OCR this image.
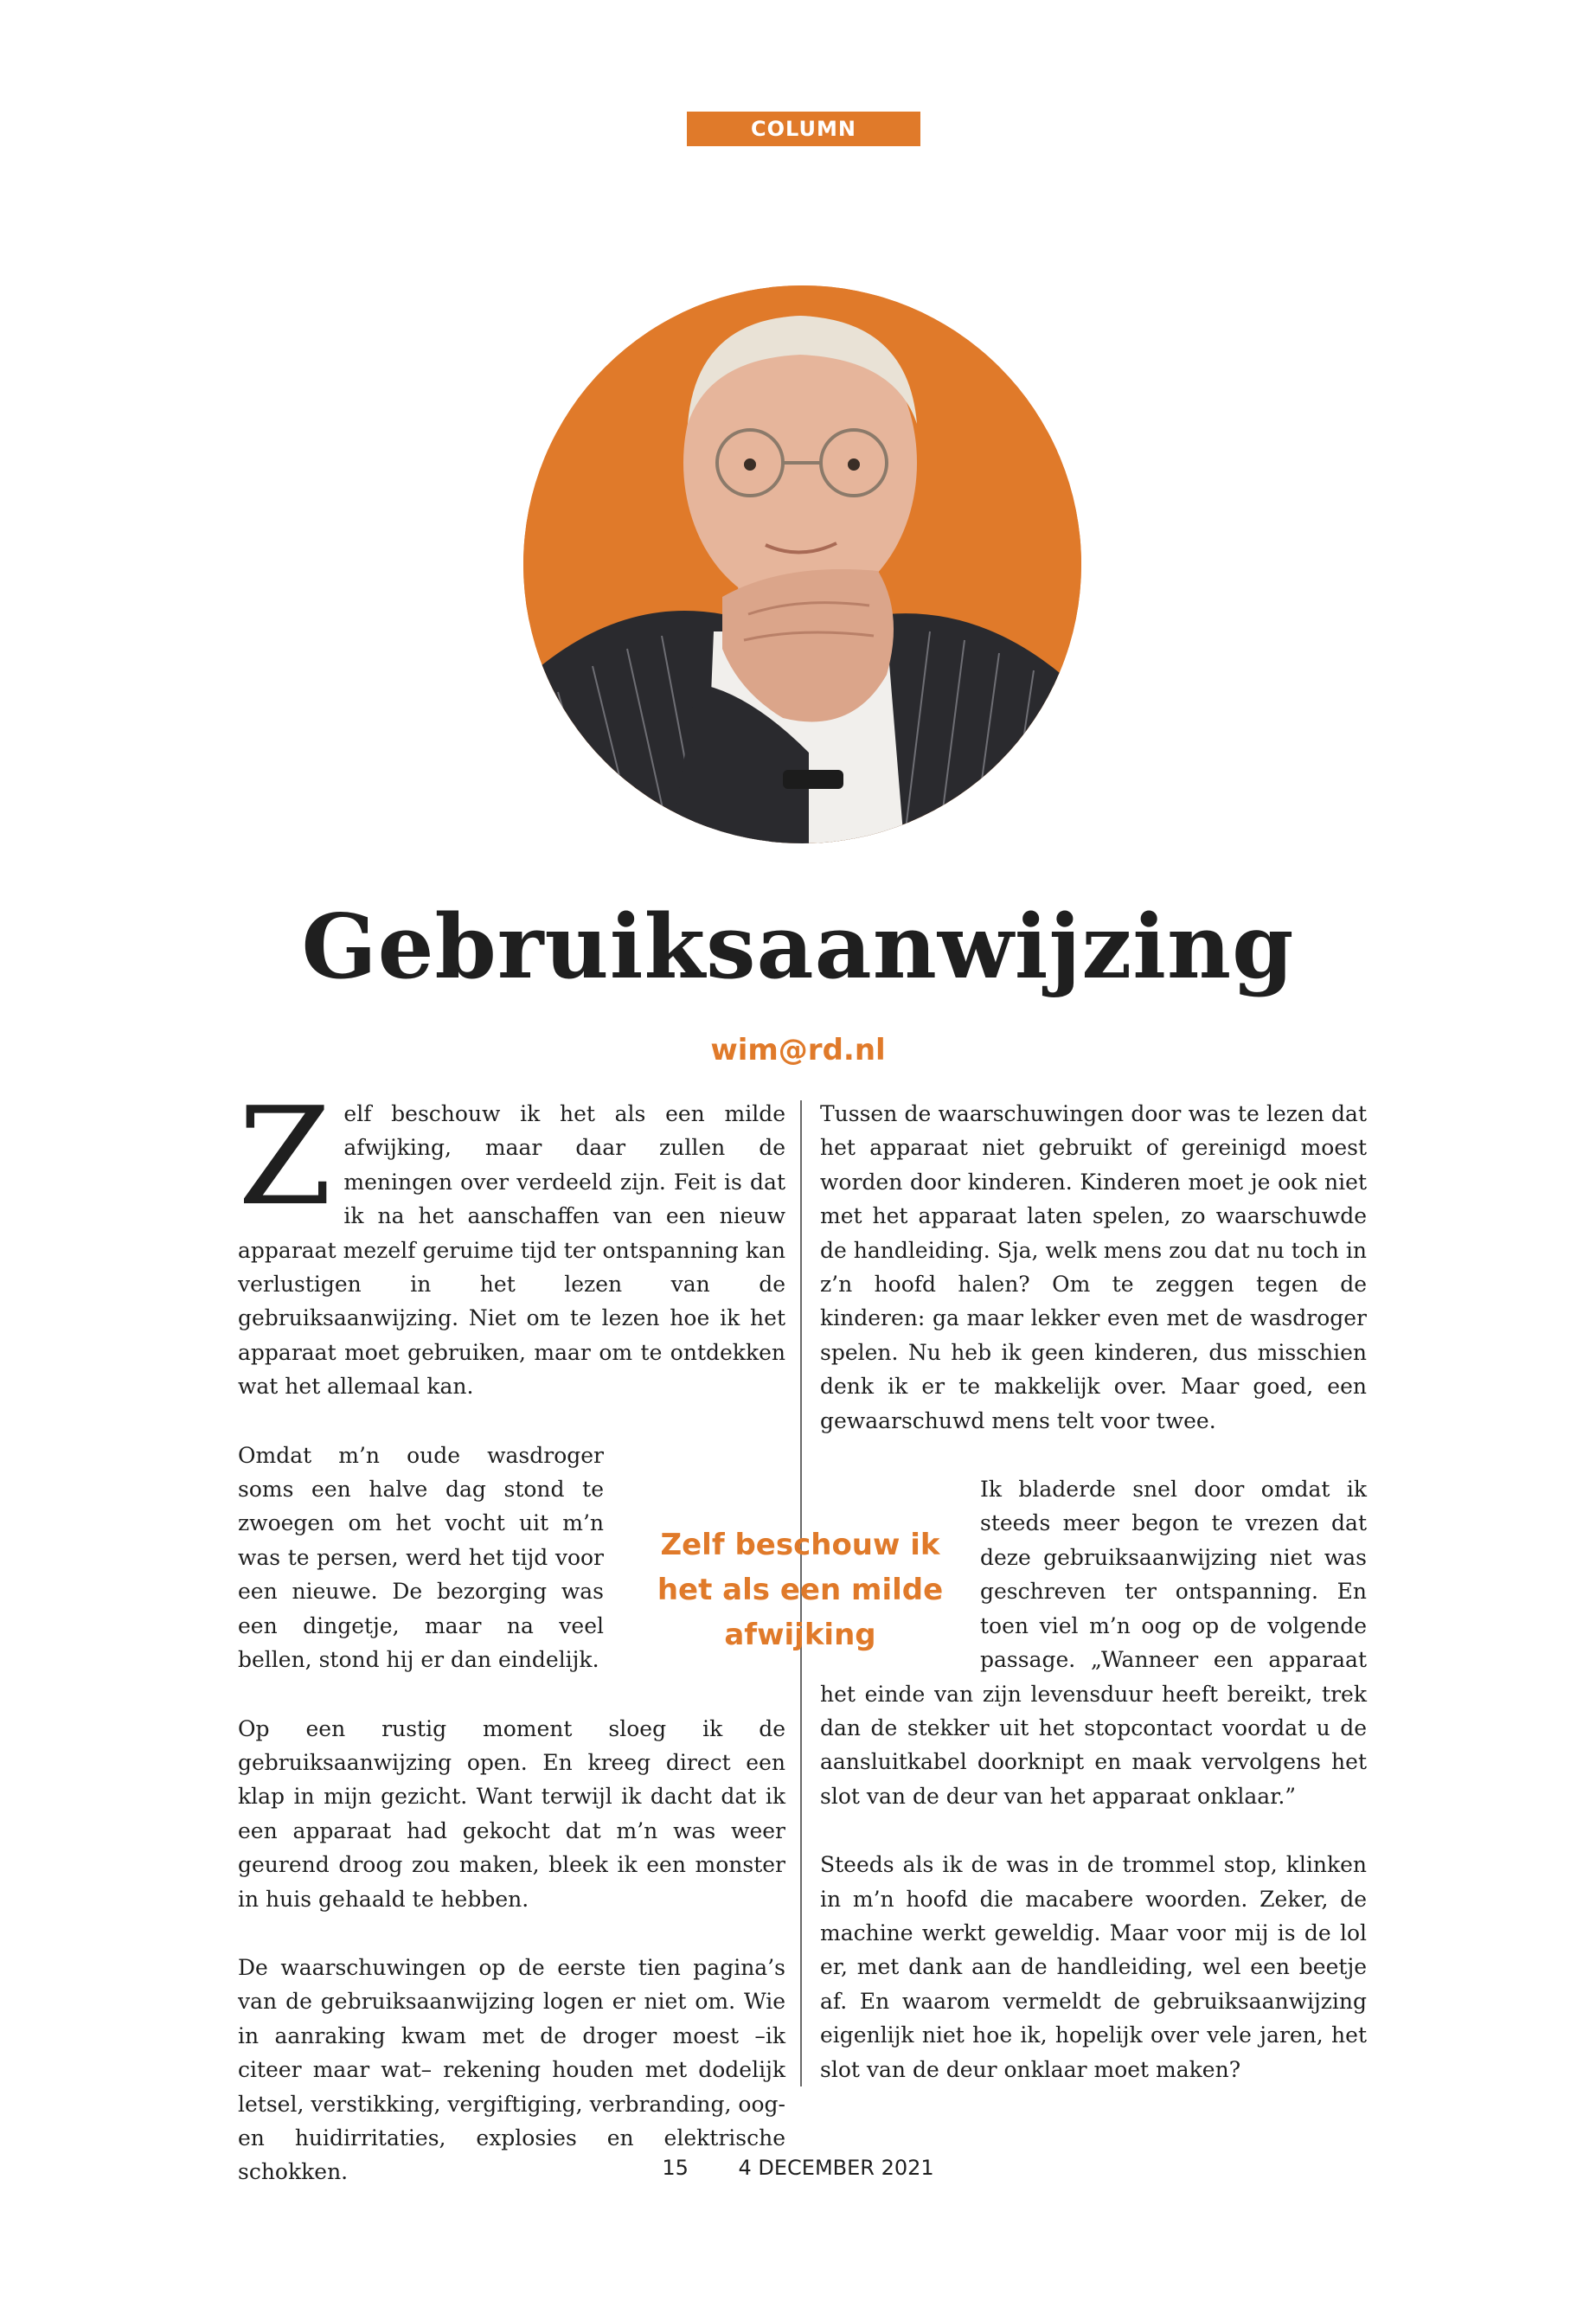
COLUMN
Gebruiksaanwijzing
wim@rd.nl

Zelf beschouw ik het als een milde afwijking, maar daar zullen de meningen over verdeeld zijn. Feit is dat ik na het aanschaffen van een nieuw apparaat mezelf geruime tijd ter ontspanning kan verlustigen in het lezen van de gebruiksaanwijzing. Niet om te lezen hoe ik het apparaat moet gebruiken, maar om te ontdekken wat het allemaal kan.

Omdat m’n oude wasdroger soms een halve dag stond te zwoegen om het vocht uit m’n was te persen, werd het tijd voor een nieuwe. De bezorging was een dingetje, maar na veel bellen, stond hij er dan eindelijk.

Op een rustig moment sloeg ik de gebruiksaanwijzing open. En kreeg direct een klap in mijn gezicht. Want terwijl ik dacht dat ik een apparaat had gekocht dat m’n was weer geurend droog zou maken, bleek ik een monster in huis gehaald te hebben.

De waarschuwingen op de eerste tien pagina’s van de gebruiksaanwijzing logen er niet om. Wie in aanraking kwam met de droger moest –ik citeer maar wat– rekening houden met dodelijk letsel, verstikking, vergiftiging, verbranding, oog- en huidirritaties, explosies en elektrische schokken.

Tussen de waarschuwingen door was te lezen dat het apparaat niet gebruikt of gereinigd moest worden door kinderen. Kinderen moet je ook niet met het apparaat laten spelen, zo waarschuwde de handleiding. Sja, welk mens zou dat nu toch in z’n hoofd halen? Om te zeggen tegen de kinderen: ga maar lekker even met de wasdroger spelen. Nu heb ik geen kinderen, dus misschien denk ik er te makkelijk over. Maar goed, een gewaarschuwd mens telt voor twee.

Ik bladerde snel door omdat ik steeds meer begon te vrezen dat deze gebruiksaanwijzing niet was geschreven ter ontspanning. En toen viel m’n oog op de volgende passage. „Wanneer een apparaat het einde van zijn levensduur heeft bereikt, trek dan de stekker uit het stopcontact voordat u de aansluitkabel doorknipt en maak vervolgens het slot van de deur van het apparaat onklaar.”

Steeds als ik de was in de trommel stop, klinken in m’n hoofd die macabere woorden. Zeker, de machine werkt geweldig. Maar voor mij is de lol er, met dank aan de handleiding, wel een beetje af. En waarom vermeldt de gebruiksaanwijzing eigenlijk niet hoe ik, hopelijk over vele jaren, het slot van de deur onklaar moet maken?

Zelf beschouw ik het als een milde afwijking
15 4 DECEMBER 2021
